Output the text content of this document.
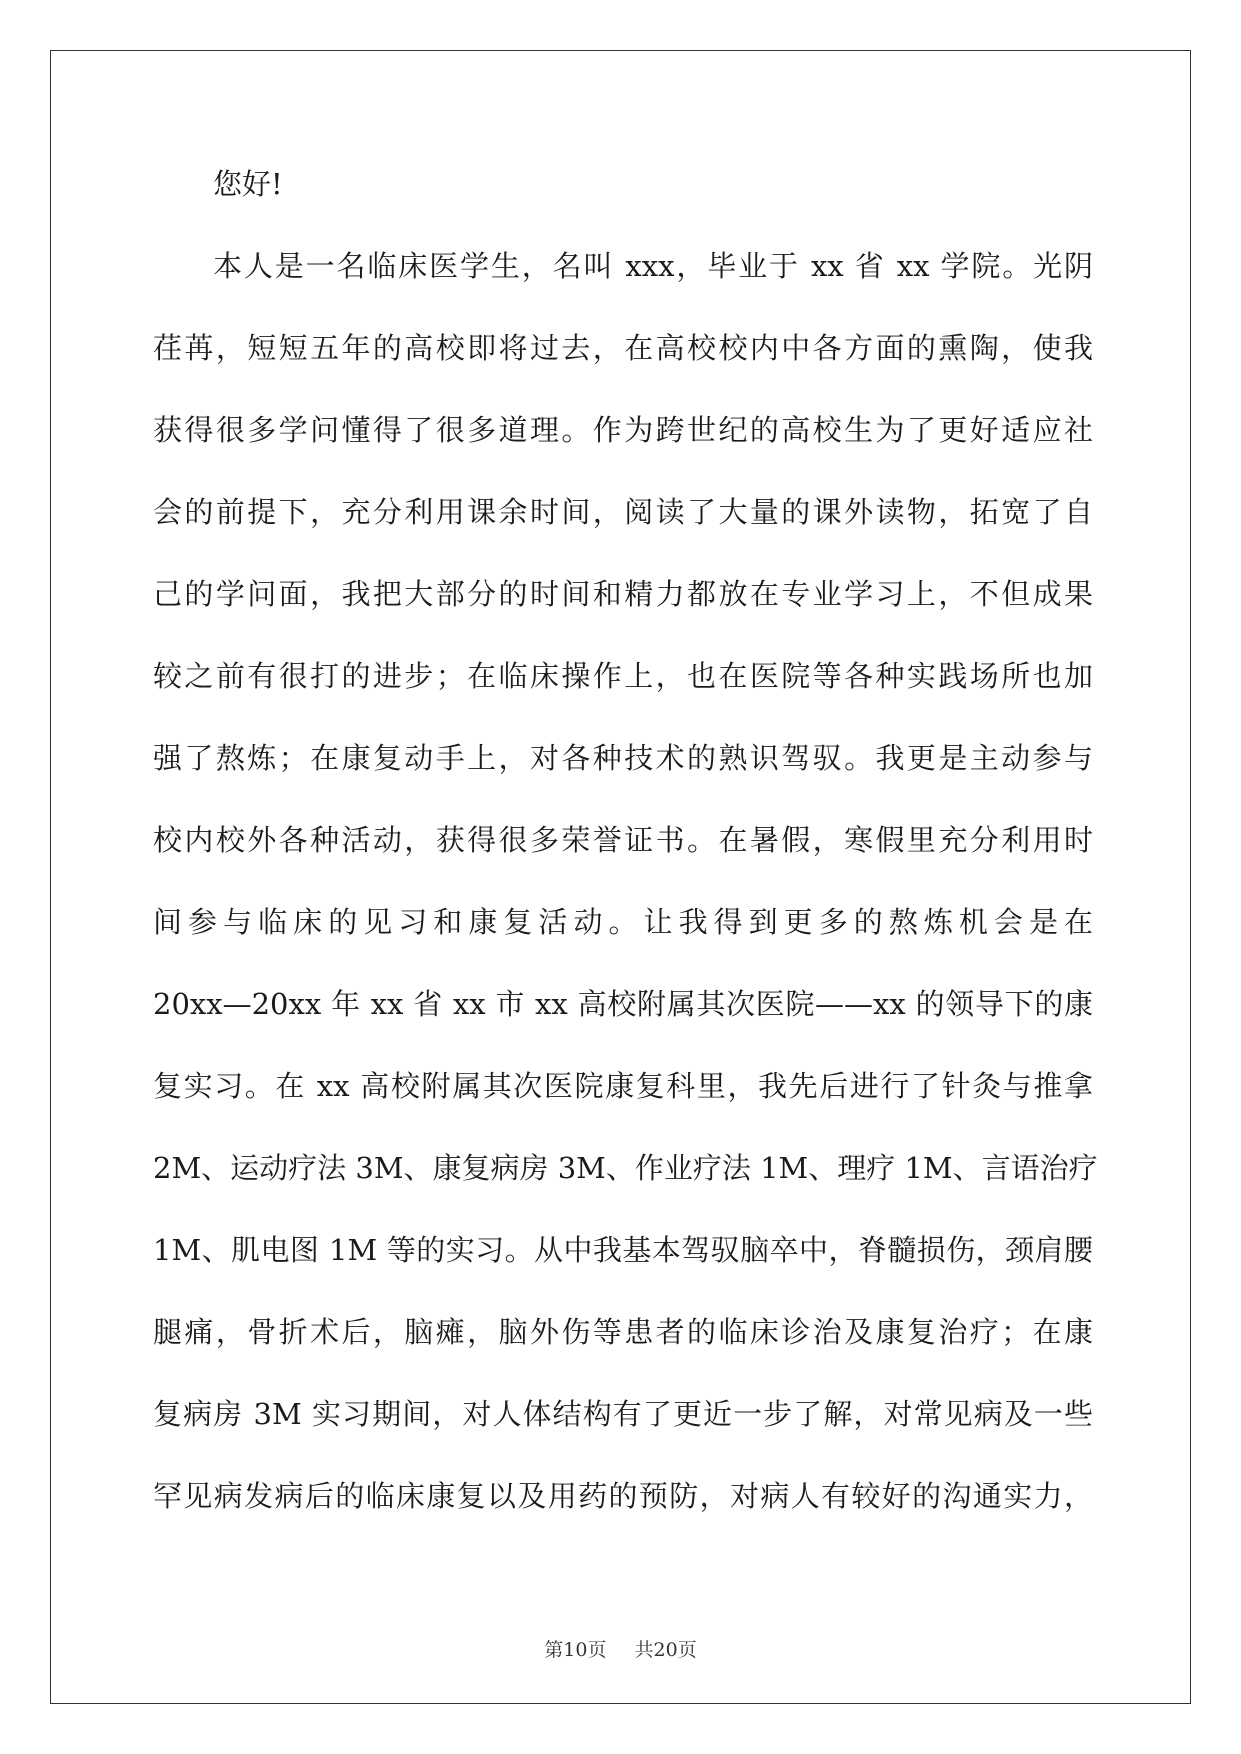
您好!
本人是一名临床医学生，名叫 xxx，毕业于 xx 省 xx 学院。光阴
荏苒，短短五年的高校即将过去，在高校校内中各方面的熏陶，使我
获得很多学问懂得了很多道理。作为跨世纪的高校生为了更好适应社
会的前提下，充分利用课余时间，阅读了大量的课外读物，拓宽了自
己的学问面，我把大部分的时间和精力都放在专业学习上，不但成果
较之前有很打的进步；在临床操作上，也在医院等各种实践场所也加
强了熬炼；在康复动手上，对各种技术的熟识驾驭。我更是主动参与
校内校外各种活动，获得很多荣誉证书。在暑假，寒假里充分利用时
间参与临床的见习和康复活动。让我得到更多的熬炼机会是在
20xx—20xx 年 xx 省 xx 市 xx 高校附属其次医院——xx 的领导下的康
复实习。在 xx 高校附属其次医院康复科里，我先后进行了针灸与推拿
2M、运动疗法 3M、康复病房 3M、作业疗法 1M、理疗 1M、言语治疗
1M、肌电图 1M 等的实习。从中我基本驾驭脑卒中，脊髓损伤，颈肩腰
腿痛，骨折术后，脑瘫，脑外伤等患者的临床诊治及康复治疗；在康
复病房 3M 实习期间，对人体结构有了更近一步了解，对常见病及一些
罕见病发病后的临床康复以及用药的预防，对病人有较好的沟通实力，
第10页 共20页
